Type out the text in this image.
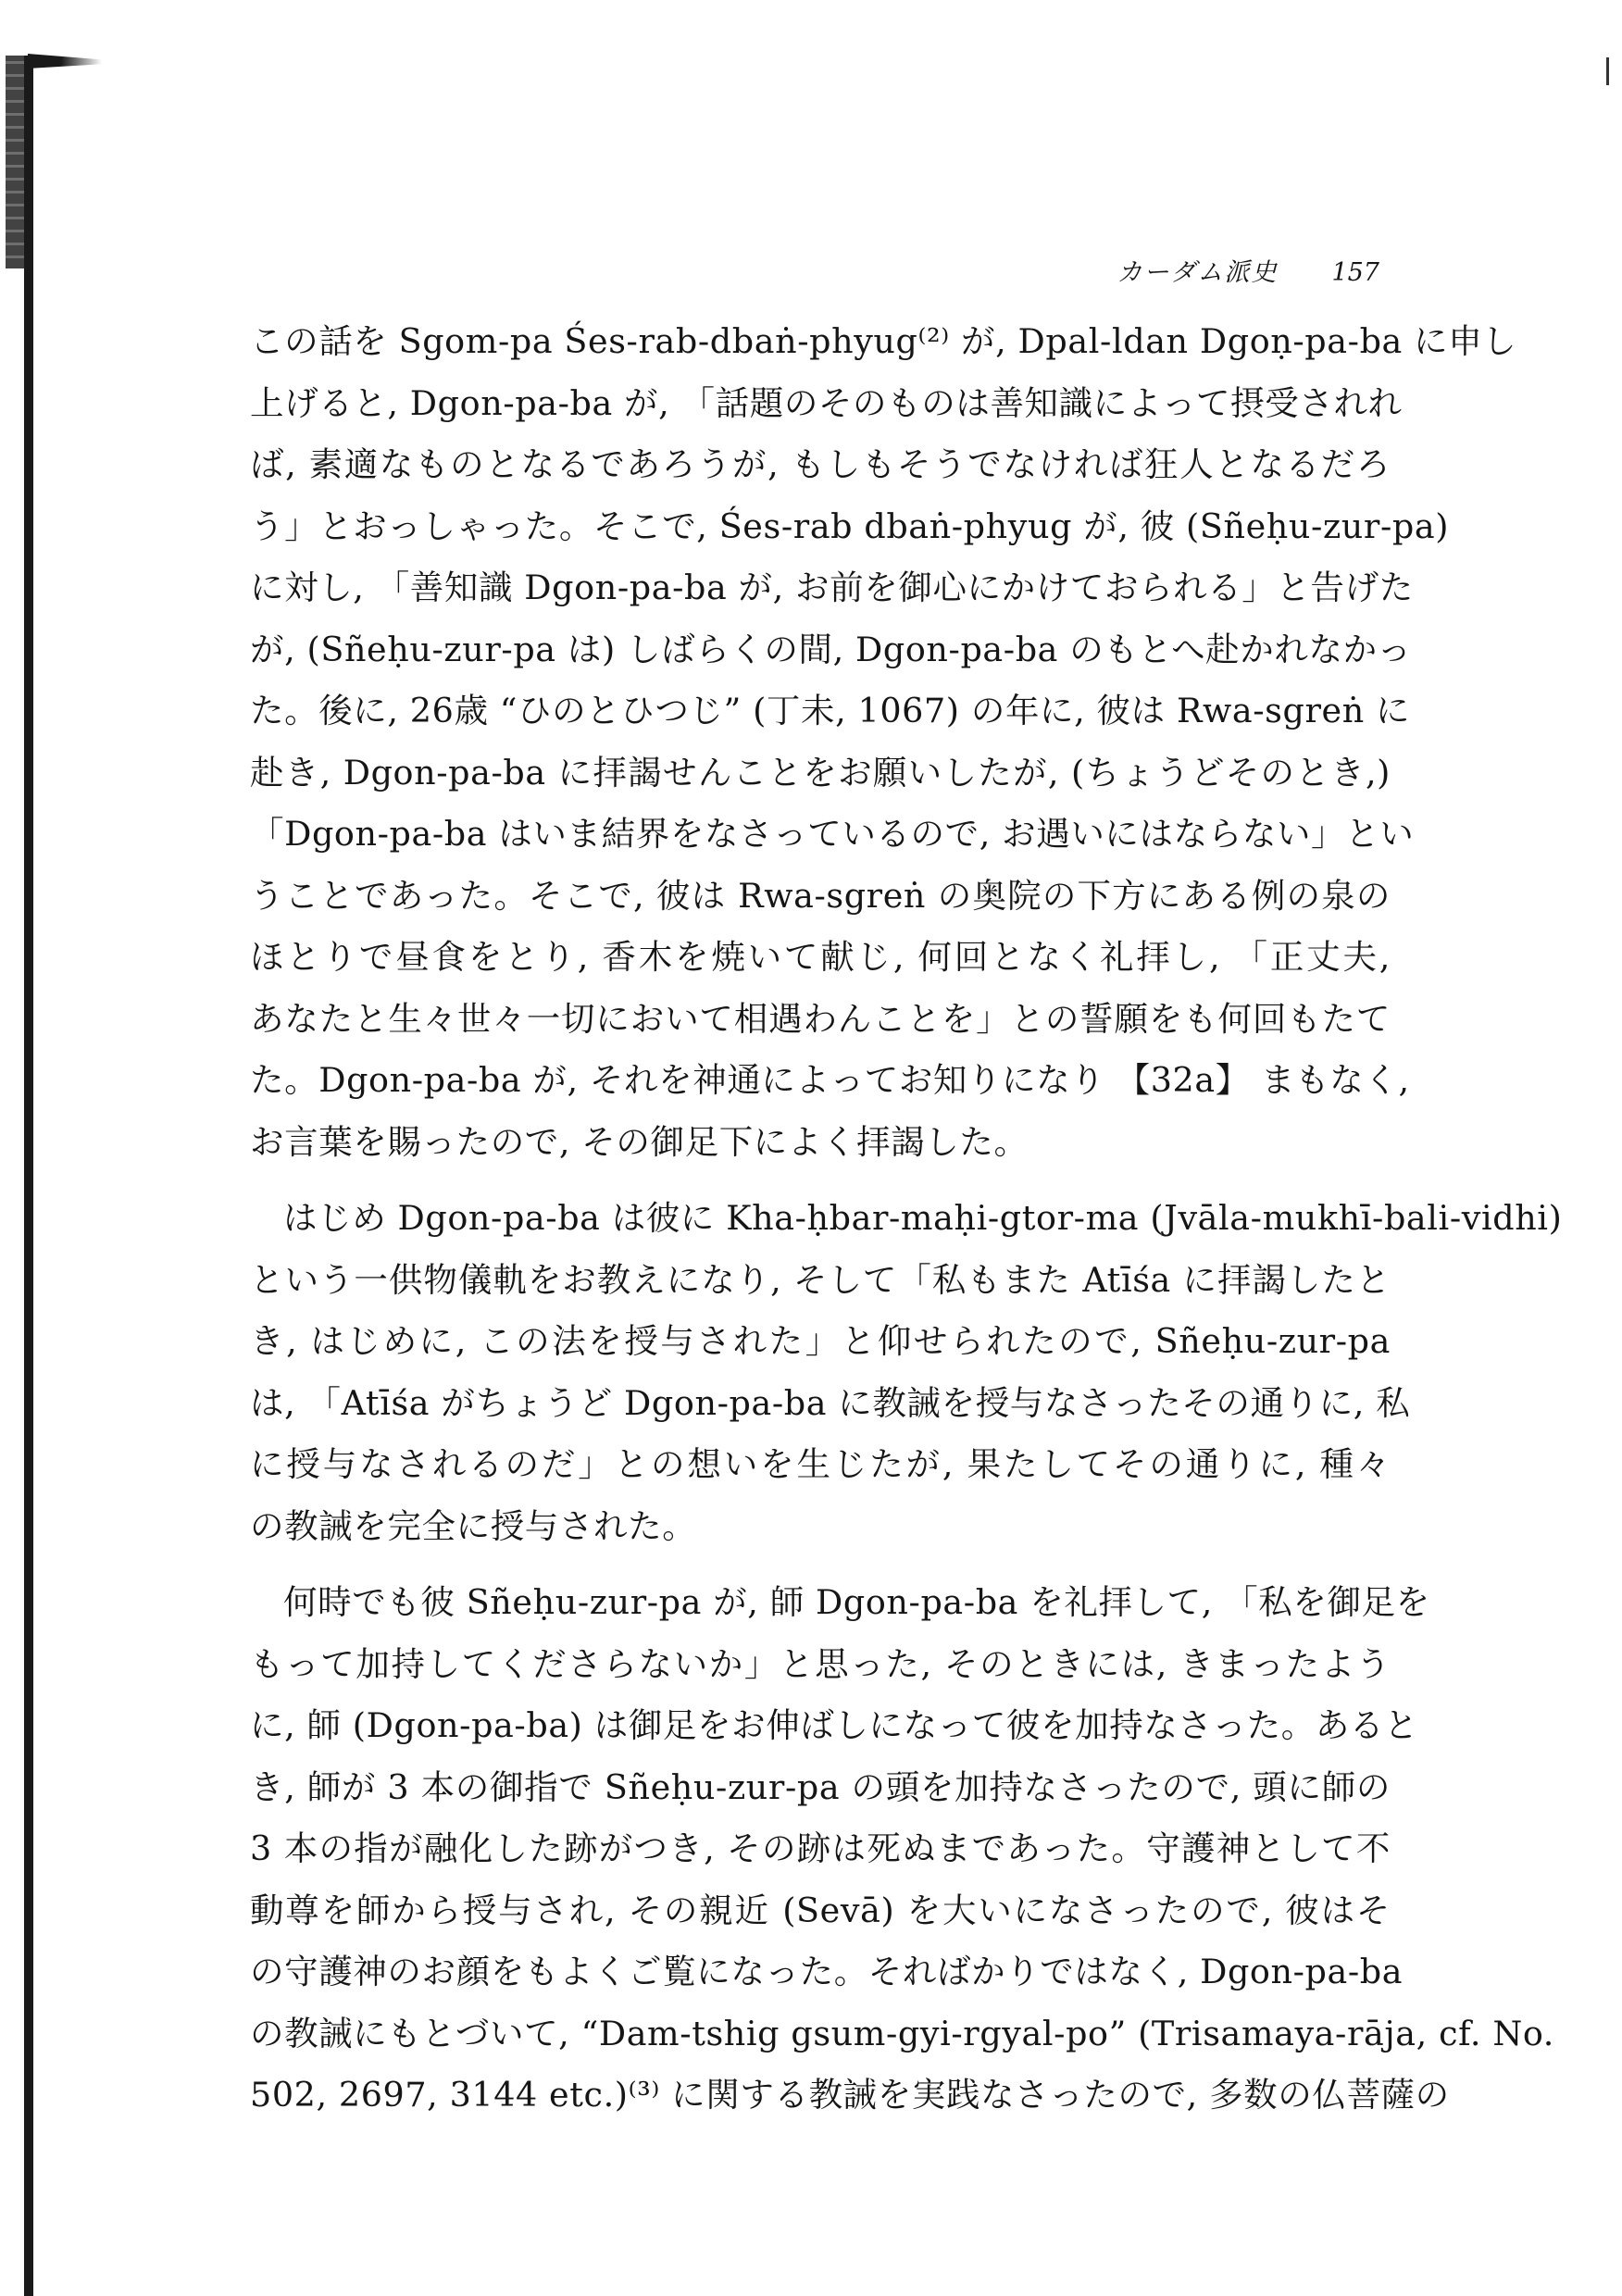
カーダム派史 157
この話を Sgom-pa Śes-rab-dbaṅ-phyug⁽²⁾ が, Dpal-ldan Dgoṇ-pa-ba に申し
上げると, Dgon-pa-ba が, 「話題のそのものは善知識によって摂受されれ
ば, 素適なものとなるであろうが, もしもそうでなければ狂人となるだろ
う」とおっしゃった。そこで, Śes-rab dbaṅ-phyug が, 彼 (Sñeḥu-zur-pa)
に対し, 「善知識 Dgon-pa-ba が, お前を御心にかけておられる」と告げた
が, (Sñeḥu-zur-pa は) しばらくの間, Dgon-pa-ba のもとへ赴かれなかっ
た。後に, 26歳 “ひのとひつじ” (丁未, 1067) の年に, 彼は Rwa-sgreṅ に
赴き, Dgon-pa-ba に拝謁せんことをお願いしたが, (ちょうどそのとき,)
「Dgon-pa-ba はいま結界をなさっているので, お遇いにはならない」とい
うことであった。そこで, 彼は Rwa-sgreṅ の奥院の下方にある例の泉の
ほとりで昼食をとり, 香木を焼いて献じ, 何回となく礼拝し, 「正丈夫,
あなたと生々世々一切において相遇わんことを」との誓願をも何回もたて
た。Dgon-pa-ba が, それを神通によってお知りになり 【32a】 まもなく,
お言葉を賜ったので, その御足下によく拝謁した。
はじめ Dgon-pa-ba は彼に Kha-ḥbar-maḥi-gtor-ma (Jvāla-mukhī-bali-vidhi)
という一供物儀軌をお教えになり, そして「私もまた Atīśa に拝謁したと
き, はじめに, この法を授与された」と仰せられたので, Sñeḥu-zur-pa
は, 「Atīśa がちょうど Dgon-pa-ba に教誡を授与なさったその通りに, 私
に授与なされるのだ」との想いを生じたが, 果たしてその通りに, 種々
の教誡を完全に授与された。
何時でも彼 Sñeḥu-zur-pa が, 師 Dgon-pa-ba を礼拝して, 「私を御足を
もって加持してくださらないか」と思った, そのときには, きまったよう
に, 師 (Dgon-pa-ba) は御足をお伸ばしになって彼を加持なさった。あると
き, 師が 3 本の御指で Sñeḥu-zur-pa の頭を加持なさったので, 頭に師の
3 本の指が融化した跡がつき, その跡は死ぬまであった。守護神として不
動尊を師から授与され, その親近 (Sevā) を大いになさったので, 彼はそ
の守護神のお顔をもよくご覧になった。そればかりではなく, Dgon-pa-ba
の教誡にもとづいて, “Dam-tshig gsum-gyi-rgyal-po” (Trisamaya-rāja, cf. No.
502, 2697, 3144 etc.)⁽³⁾ に関する教誡を実践なさったので, 多数の仏菩薩の
